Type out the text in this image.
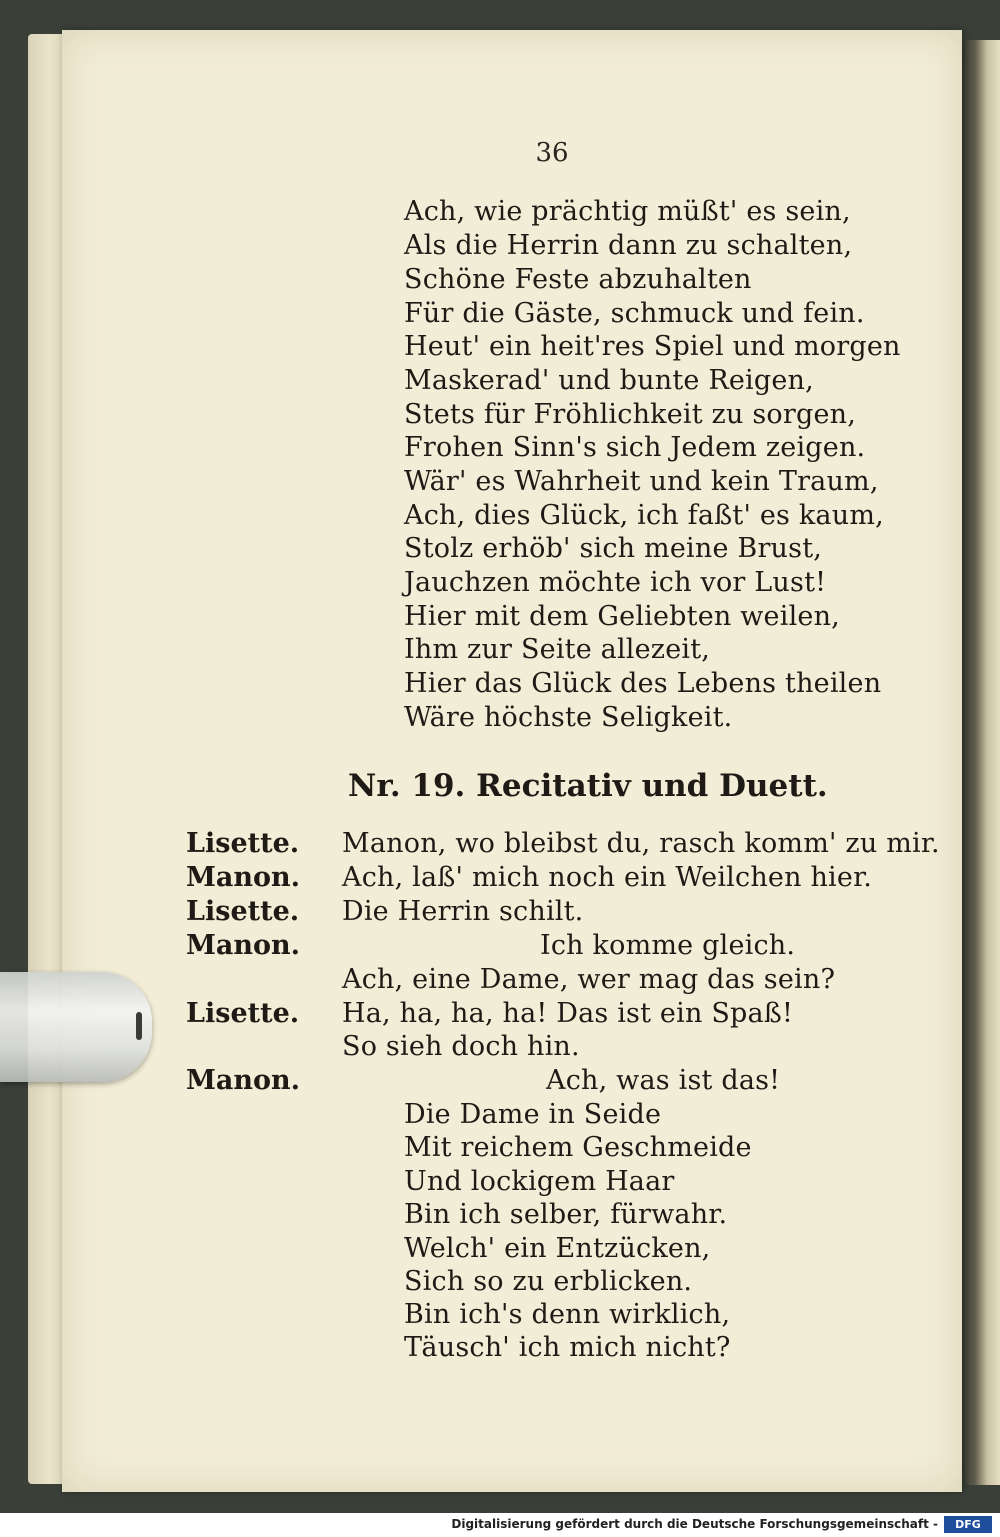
36
Ach, wie prächtig müßt' es sein,
Als die Herrin dann zu schalten,
Schöne Feste abzuhalten
Für die Gäste, schmuck und fein.
Heut' ein heit'res Spiel und morgen
Maskerad' und bunte Reigen,
Stets für Fröhlichkeit zu sorgen,
Frohen Sinn's sich Jedem zeigen.
Wär' es Wahrheit und kein Traum,
Ach, dies Glück, ich faßt' es kaum,
Stolz erhöb' sich meine Brust,
Jauchzen möchte ich vor Lust!
Hier mit dem Geliebten weilen,
Ihm zur Seite allezeit,
Hier das Glück des Lebens theilen
Wäre höchste Seligkeit.
Nr. 19. Recitativ und Duett.
Lisette. Manon, wo bleibst du, rasch komm' zu mir.
Manon. Ach, laß' mich noch ein Weilchen hier.
Lisette. Die Herrin schilt.
Manon.	Ich komme gleich.
Ach, eine Dame, wer mag das sein?
Lisette. Ha, ha, ha, ha! Das ist ein Spaß!
So sieh doch hin.
Manon.	Ach, was ist das!
Die Dame in Seide
Mit reichem Geschmeide
Und lockigem Haar
Bin ich selber, fürwahr.
Welch' ein Entzücken,
Sich so zu erblicken.
Bin ich's denn wirklich,
Täusch' ich mich nicht?
Digitalisierung gefördert durch die Deutsche Forschungsgemeinschaft -	DFG
